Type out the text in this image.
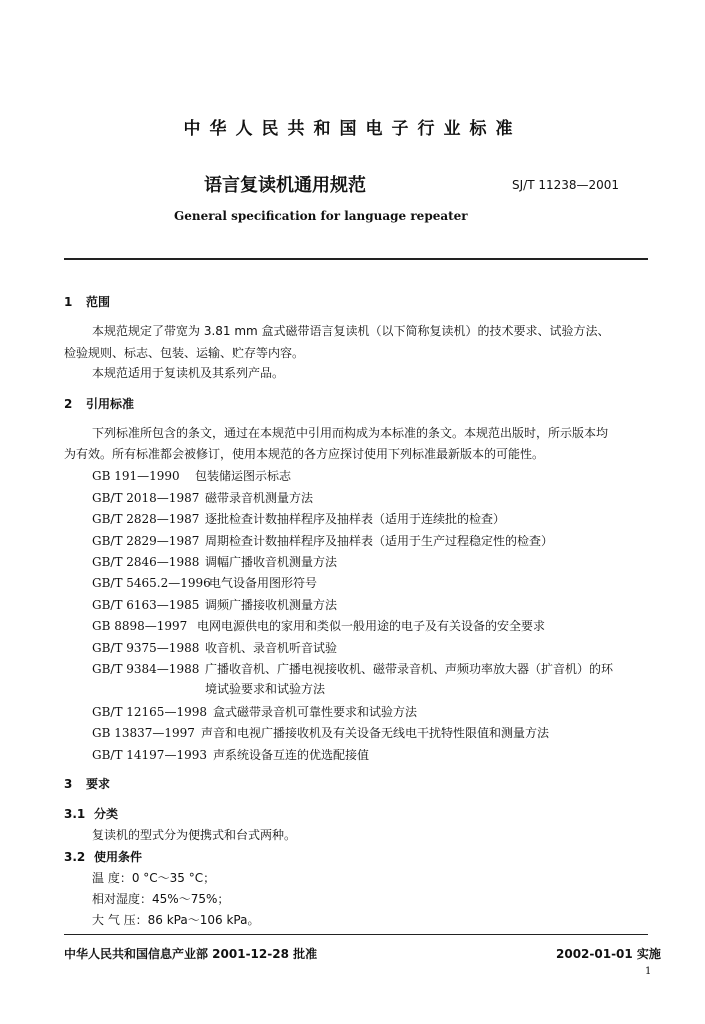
中华人民共和国电子行业标准
语言复读机通用规范	SJ/T 11238—2001
General specification for language repeater
1 范围
本规范规定了带宽为 3.81 mm 盒式磁带语言复读机（以下简称复读机）的技术要求、试验方法、
检验规则、标志、包装、运输、贮存等内容。
本规范适用于复读机及其系列产品。
2 引用标准
下列标准所包含的条文，通过在本规范中引用而构成为本标准的条文。本规范出版时，所示版本均
为有效。所有标准都会被修订，使用本规范的各方应探讨使用下列标准最新版本的可能性。
GB 191—1990 包装储运图示标志
GB/T 2018—1987 磁带录音机测量方法
GB/T 2828—1987 逐批检查计数抽样程序及抽样表（适用于连续批的检查）
GB/T 2829—1987 周期检查计数抽样程序及抽样表（适用于生产过程稳定性的检查）
GB/T 2846—1988 调幅广播收音机测量方法
GB/T 5465.2—1996电气设备用图形符号
GB/T 6163—1985 调频广播接收机测量方法
GB 8898—1997 电网电源供电的家用和类似一般用途的电子及有关设备的安全要求
GB/T 9375—1988 收音机、录音机听音试验
GB/T 9384—1988 广播收音机、广播电视接收机、磁带录音机、声频功率放大器（扩音机）的环
境试验要求和试验方法
GB/T 12165—1998 盒式磁带录音机可靠性要求和试验方法
GB 13837—1997 声音和电视广播接收机及有关设备无线电干扰特性限值和测量方法
GB/T 14197—1993 声系统设备互连的优选配接值
3 要求
3.1 分类
复读机的型式分为便携式和台式两种。
3.2 使用条件
温 度：0 °C～35 °C；
相对湿度：45%～75%；
大 气 压：86 kPa～106 kPa。
中华人民共和国信息产业部 2001-12-28 批准	2002-01-01 实施
1
